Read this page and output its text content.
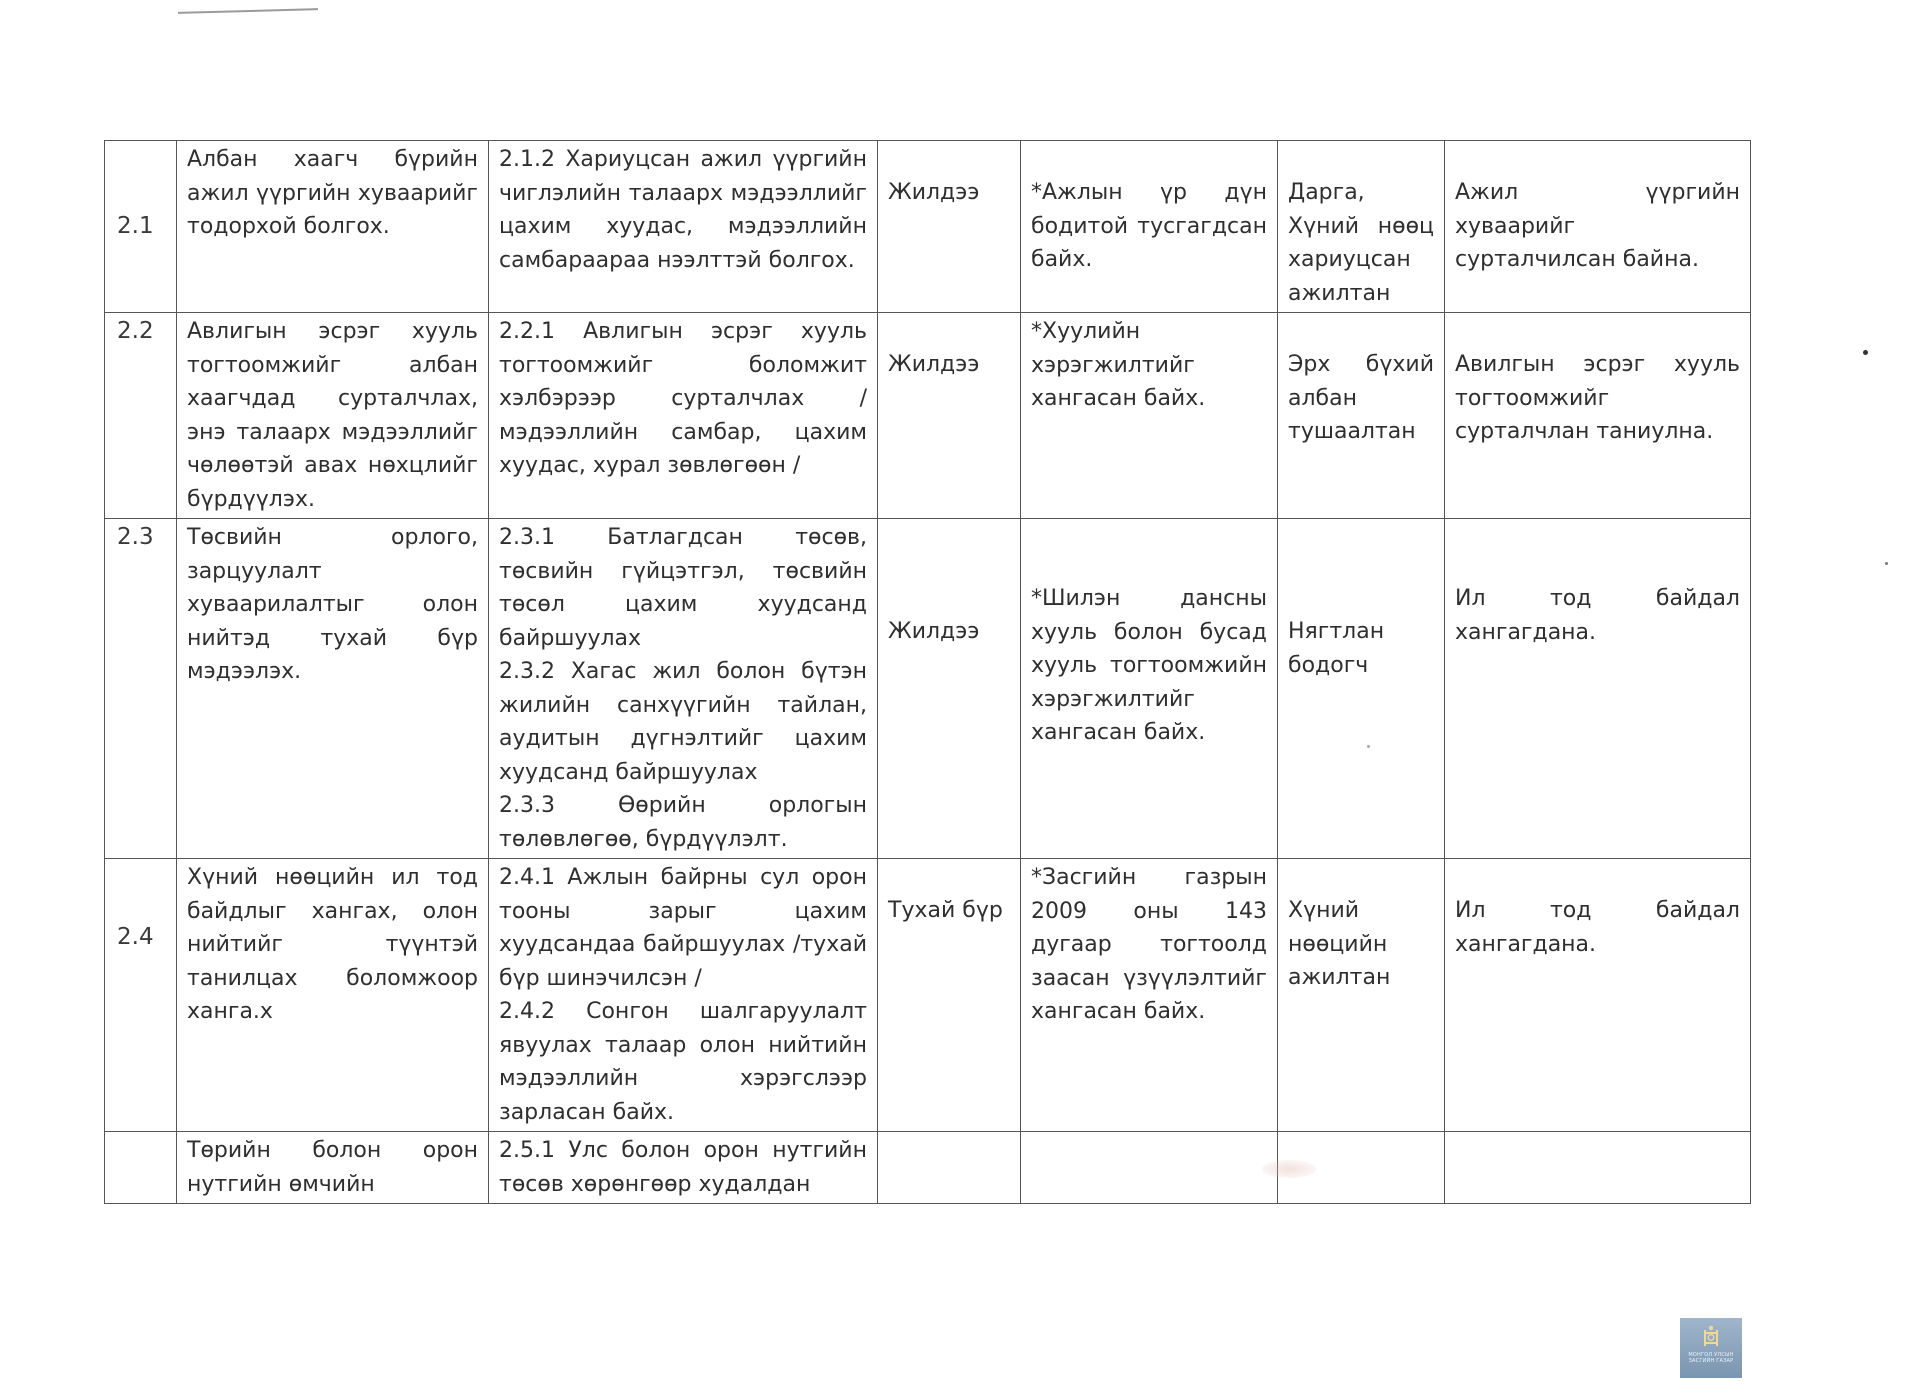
2.1	Албан хаагч бүрийн ажил үүргийн хуваарийг тодорхой болгох.	2.1.2 Хариуцсан ажил үүргийн чиглэлийн талаарх мэдээллийг цахим хуудас, мэдээллийн самбараараа нээлттэй болгох.	Жилдээ	*Ажлын үр дүн бодитой тусгагдсан байх.	Дарга, Хүний нөөц хариуцсан ажилтан	Ажил үүргийн хуваарийг сурталчилсан байна.

2.2	Авлигын эсрэг хууль тогтоомжийг албан хаагчдад сурталчлах, энэ талаарх мэдээллийг чөлөөтэй авах нөхцлийг бүрдүүлэх.	2.2.1 Авлигын эсрэг хууль тогтоомжийг боломжит хэлбэрээр сурталчлах /мэдээллийн самбар, цахим хуудас, хурал зөвлөгөөн /	Жилдээ	*Хуулийн хэрэгжилтийг хангасан байх.	Эрх бүхий албан тушаалтан	Авилгын эсрэг хууль тогтоомжийг сурталчлан таниулна.

2.3	Төсвийн орлого, зарцуулалт хуваарилалтыг олон нийтэд тухай бүр мэдээлэх.	2.3.1 Батлагдсан төсөв, төсвийн гүйцэтгэл, төсвийн төсөл цахим хуудсанд байршуулах
2.3.2 Хагас жил болон бүтэн жилийн санхүүгийн тайлан, аудитын дүгнэлтийг цахим хуудсанд байршуулах
2.3.3 Өөрийн орлогын төлөвлөгөө, бүрдүүлэлт.	Жилдээ	*Шилэн дансны хууль болон бусад хууль тогтоомжийн хэрэгжилтийг хангасан байх.	Нягтлан бодогч	Ил тод байдал хангагдана.

2.4	Хүний нөөцийн ил тод байдлыг хангах, олон нийтийг түүнтэй танилцах боломжоор ханга.х	2.4.1 Ажлын байрны сул орон тооны зарыг цахим хуудсандаа байршуулах /тухай бүр шинэчилсэн /
2.4.2 Сонгон шалгаруулалт явуулах талаар олон нийтийн мэдээллийн хэрэгслээр зарласан байх.	Тухай бүр	*Засгийн газрын 2009 оны 143 дугаар тогтоолд заасан үзүүлэлтийг хангасан байх.	Хүний нөөцийн ажилтан	Ил тод байдал хангагдана.

	Төрийн болон орон нутгийн өмчийн	2.5.1 Улс болон орон нутгийн төсөв хөрөнгөөр худалдан				

МОНГОЛ УЛСЫН
ЗАСГИЙН ГАЗАР
